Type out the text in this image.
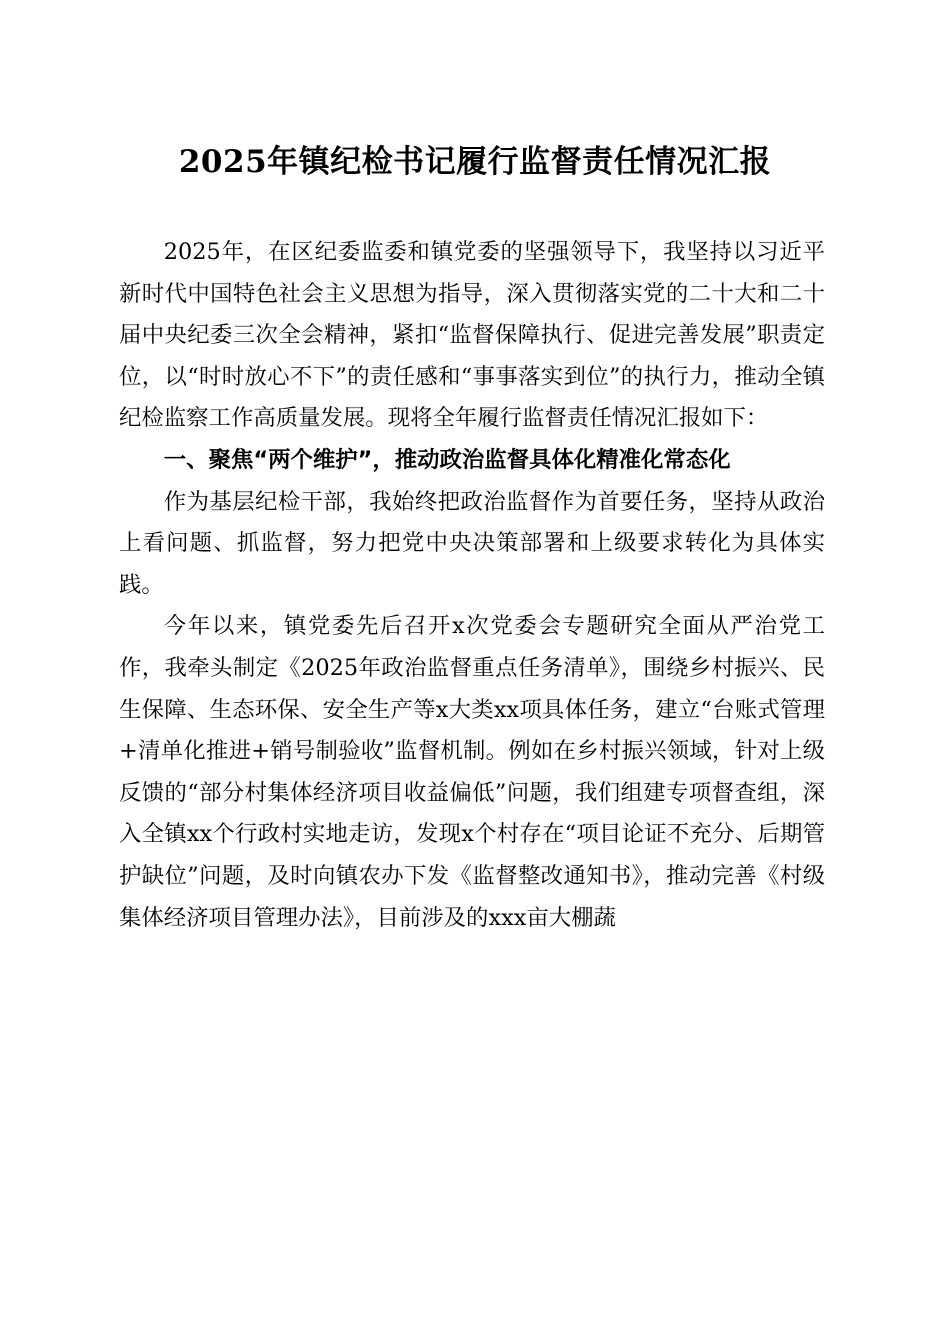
2025年镇纪检书记履行监督责任情况汇报

2025年，在区纪委监委和镇党委的坚强领导下，我坚持以习近平新时代中国特色社会主义思想为指导，深入贯彻落实党的二十大和二十届中央纪委三次全会精神，紧扣“监督保障执行、促进完善发展”职责定位，以“时时放心不下”的责任感和“事事落实到位”的执行力，推动全镇纪检监察工作高质量发展。现将全年履行监督责任情况汇报如下：

一、聚焦“两个维护”，推动政治监督具体化精准化常态化

作为基层纪检干部，我始终把政治监督作为首要任务，坚持从政治上看问题、抓监督，努力把党中央决策部署和上级要求转化为具体实践。

今年以来，镇党委先后召开x次党委会专题研究全面从严治党工作，我牵头制定《2025年政治监督重点任务清单》，围绕乡村振兴、民生保障、生态环保、安全生产等x大类xx项具体任务，建立“台账式管理+清单化推进+销号制验收”监督机制。例如在乡村振兴领域，针对上级反馈的“部分村集体经济项目收益偏低”问题，我们组建专项督查组，深入全镇xx个行政村实地走访，发现x个村存在“项目论证不充分、后期管护缺位”问题，及时向镇农办下发《监督整改通知书》，推动完善《村级集体经济项目管理办法》，目前涉及的xxx亩大棚蔬
